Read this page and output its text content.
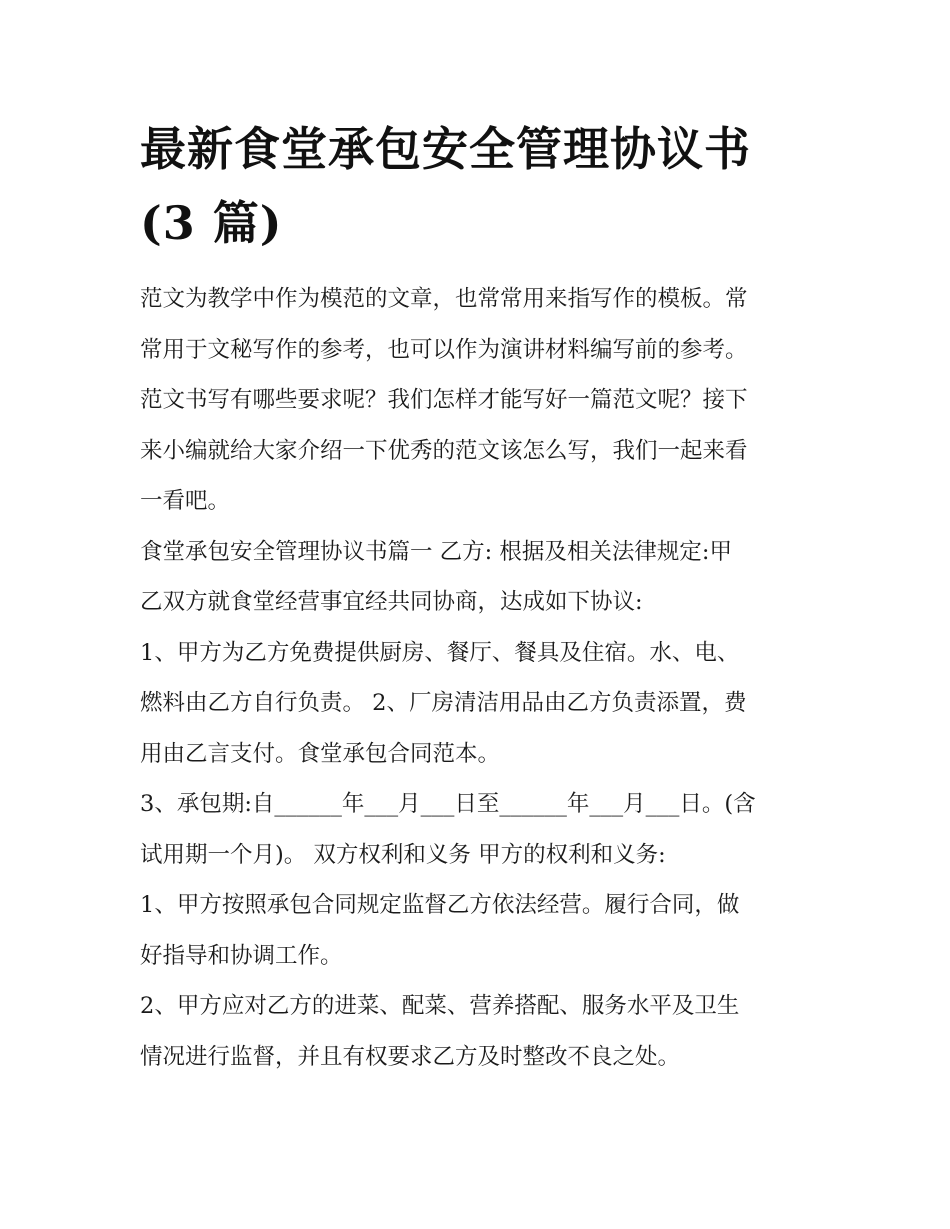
最新食堂承包安全管理协议书
(3 篇)

范文为教学中作为模范的文章，也常常用来指写作的模板。常
常用于文秘写作的参考，也可以作为演讲材料编写前的参考。
范文书写有哪些要求呢？我们怎样才能写好一篇范文呢？接下
来小编就给大家介绍一下优秀的范文该怎么写，我们一起来看
一看吧。

食堂承包安全管理协议书篇一 乙方: 根据及相关法律规定:甲
乙双方就食堂经营事宜经共同协商，达成如下协议:

1、甲方为乙方免费提供厨房、餐厅、餐具及住宿。水、电、
燃料由乙方自行负责。 2、厂房清洁用品由乙方负责添置，费
用由乙言支付。食堂承包合同范本。

3、承包期:自______年___月___日至______年___月___日。(含
试用期一个月)。 双方权利和义务 甲方的权利和义务:

1、甲方按照承包合同规定监督乙方依法经营。履行合同，做
好指导和协调工作。

2、甲方应对乙方的进菜、配菜、营养搭配、服务水平及卫生
情况进行监督，并且有权要求乙方及时整改不良之处。
